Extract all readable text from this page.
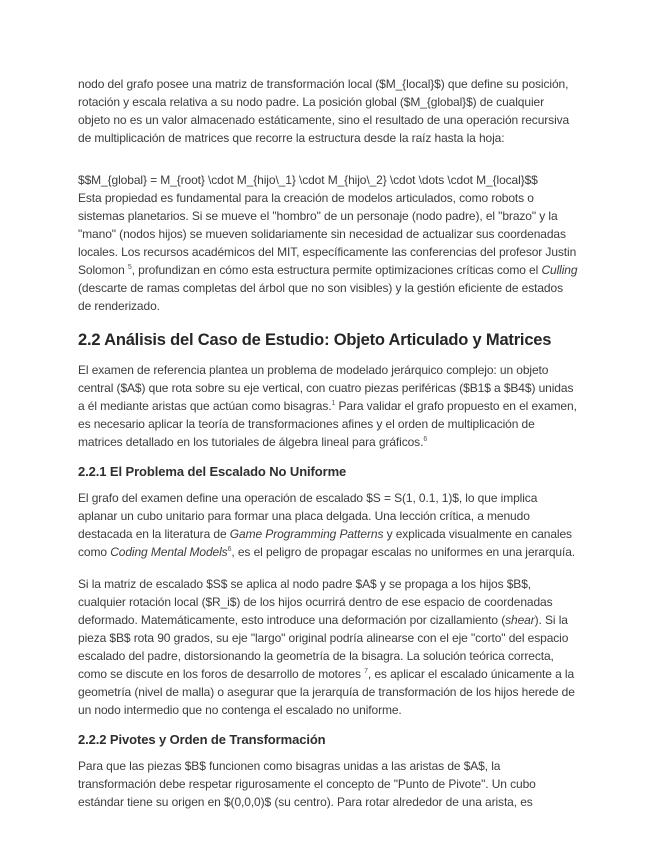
nodo del grafo posee una matriz de transformación local ($M_{local}$) que define su posición, rotación y escala relativa a su nodo padre. La posición global ($M_{global}$) de cualquier objeto no es un valor almacenado estáticamente, sino el resultado de una operación recursiva de multiplicación de matrices que recorre la estructura desde la raíz hasta la hoja:

$$M_{global} = M_{root} \cdot M_{hijo\_1} \cdot M_{hijo\_2} \cdot \dots \cdot M_{local}$$

Esta propiedad es fundamental para la creación de modelos articulados, como robots o sistemas planetarios. Si se mueve el "hombro" de un personaje (nodo padre), el "brazo" y la "mano" (nodos hijos) se mueven solidariamente sin necesidad de actualizar sus coordenadas locales. Los recursos académicos del MIT, específicamente las conferencias del profesor Justin Solomon $^5$, profundizan en cómo esta estructura permite optimizaciones críticas como el Culling (descarte de ramas completas del árbol que no son visibles) y la gestión eficiente de estados de renderizado.

2.2 Análisis del Caso de Estudio: Objeto Articulado y Matrices

El examen de referencia plantea un problema de modelado jerárquico complejo: un objeto central ($A$) que rota sobre su eje vertical, con cuatro piezas periféricas ($B1$ a $B4$) unidas a él mediante aristas que actúan como bisagras.$^1$ Para validar el grafo propuesto en el examen, es necesario aplicar la teoría de transformaciones afines y el orden de multiplicación de matrices detallado en los tutoriales de álgebra lineal para gráficos.$^6$

2.2.1 El Problema del Escalado No Uniforme

El grafo del examen define una operación de escalado $S = S(1, 0.1, 1)$, lo que implica aplanar un cubo unitario para formar una placa delgada. Una lección crítica, a menudo destacada en la literatura de Game Programming Patterns y explicada visualmente en canales como Coding Mental Models$^6$, es el peligro de propagar escalas no uniformes en una jerarquía.

Si la matriz de escalado $S$ se aplica al nodo padre $A$ y se propaga a los hijos $B$, cualquier rotación local ($R_i$) de los hijos ocurrirá dentro de ese espacio de coordenadas deformado. Matemáticamente, esto introduce una deformación por cizallamiento (shear). Si la pieza $B$ rota 90 grados, su eje "largo" original podría alinearse con el eje "corto" del espacio escalado del padre, distorsionando la geometría de la bisagra. La solución teórica correcta, como se discute en los foros de desarrollo de motores $^7$, es aplicar el escalado únicamente a la geometría (nivel de malla) o asegurar que la jerarquía de transformación de los hijos herede de un nodo intermedio que no contenga el escalado no uniforme.

2.2.2 Pivotes y Orden de Transformación

Para que las piezas $B$ funcionen como bisagras unidas a las aristas de $A$, la transformación debe respetar rigurosamente el concepto de "Punto de Pivote". Un cubo estándar tiene su origen en $(0,0,0)$ (su centro). Para rotar alrededor de una arista, es
